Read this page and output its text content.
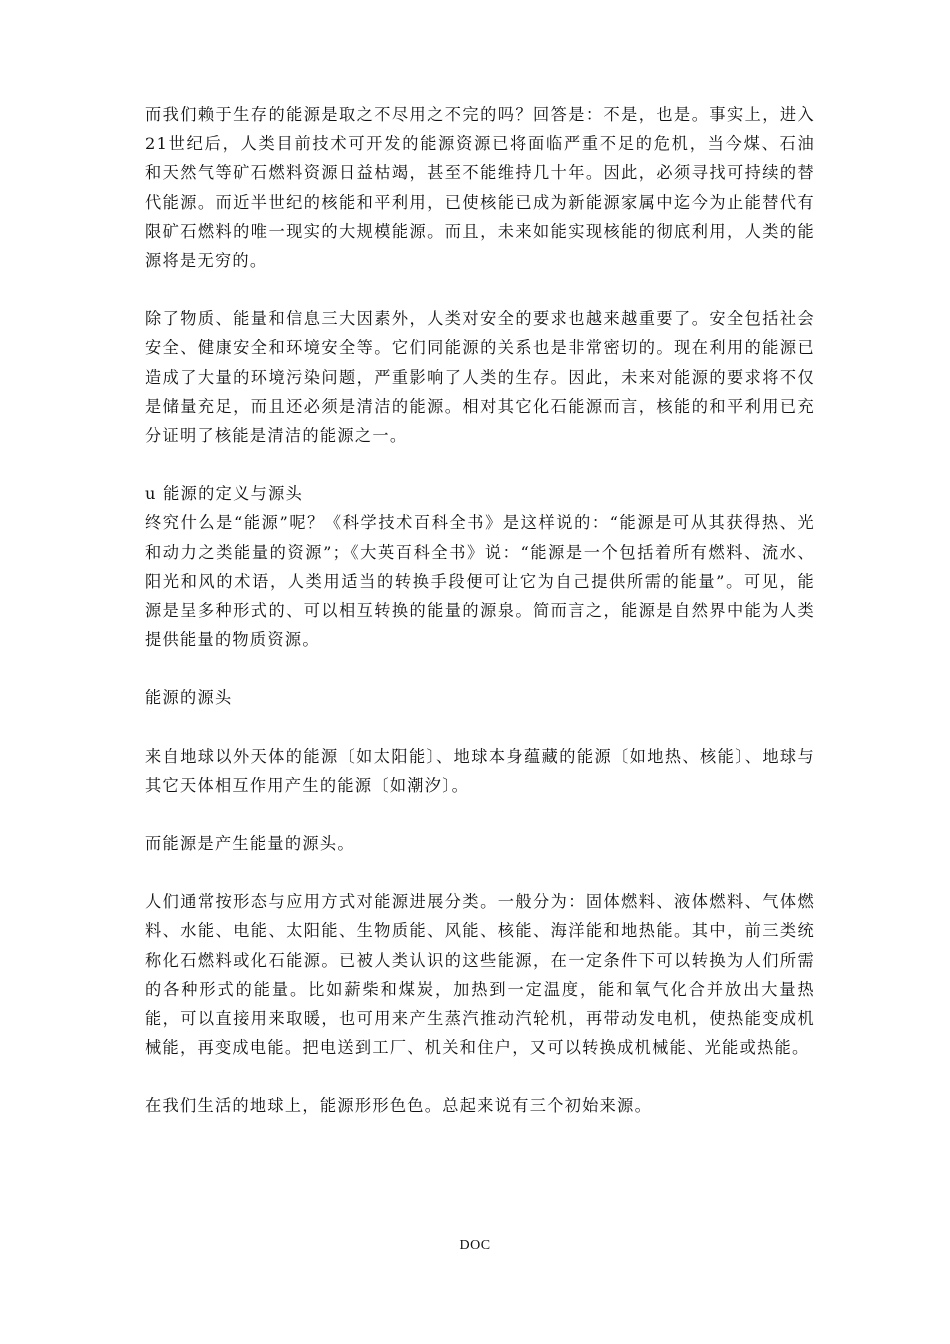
而我们赖于生存的能源是取之不尽用之不完的吗？回答是：不是，也是。事实上，进入21世纪后，人类目前技术可开发的能源资源已将面临严重不足的危机，当今煤、石油和天然气等矿石燃料资源日益枯竭，甚至不能维持几十年。因此，必须寻找可持续的替代能源。而近半世纪的核能和平利用，已使核能已成为新能源家属中迄今为止能替代有限矿石燃料的唯一现实的大规模能源。而且，未来如能实现核能的彻底利用，人类的能源将是无穷的。

除了物质、能量和信息三大因素外，人类对安全的要求也越来越重要了。安全包括社会安全、健康安全和环境安全等。它们同能源的关系也是非常密切的。现在利用的能源已造成了大量的环境污染问题，严重影响了人类的生存。因此，未来对能源的要求将不仅是储量充足，而且还必须是清洁的能源。相对其它化石能源而言，核能的和平利用已充分证明了核能是清洁的能源之一。

u 能源的定义与源头

终究什么是“能源”呢？《科学技术百科全书》是这样说的：“能源是可从其获得热、光和动力之类能量的资源”；《大英百科全书》说：“能源是一个包括着所有燃料、流水、阳光和风的术语，人类用适当的转换手段便可让它为自己提供所需的能量”。可见，能源是呈多种形式的、可以相互转换的能量的源泉。简而言之，能源是自然界中能为人类提供能量的物质资源。

能源的源头

来自地球以外天体的能源〔如太阳能〕、地球本身蕴藏的能源〔如地热、核能〕、地球与其它天体相互作用产生的能源〔如潮汐〕。

而能源是产生能量的源头。

人们通常按形态与应用方式对能源进展分类。一般分为：固体燃料、液体燃料、气体燃料、水能、电能、太阳能、生物质能、风能、核能、海洋能和地热能。其中，前三类统称化石燃料或化石能源。已被人类认识的这些能源，在一定条件下可以转换为人们所需的各种形式的能量。比如薪柴和煤炭，加热到一定温度，能和氧气化合并放出大量热能，可以直接用来取暖，也可用来产生蒸汽推动汽轮机，再带动发电机，使热能变成机械能，再变成电能。把电送到工厂、机关和住户，又可以转换成机械能、光能或热能。

在我们生活的地球上，能源形形色色。总起来说有三个初始来源。

DOC
